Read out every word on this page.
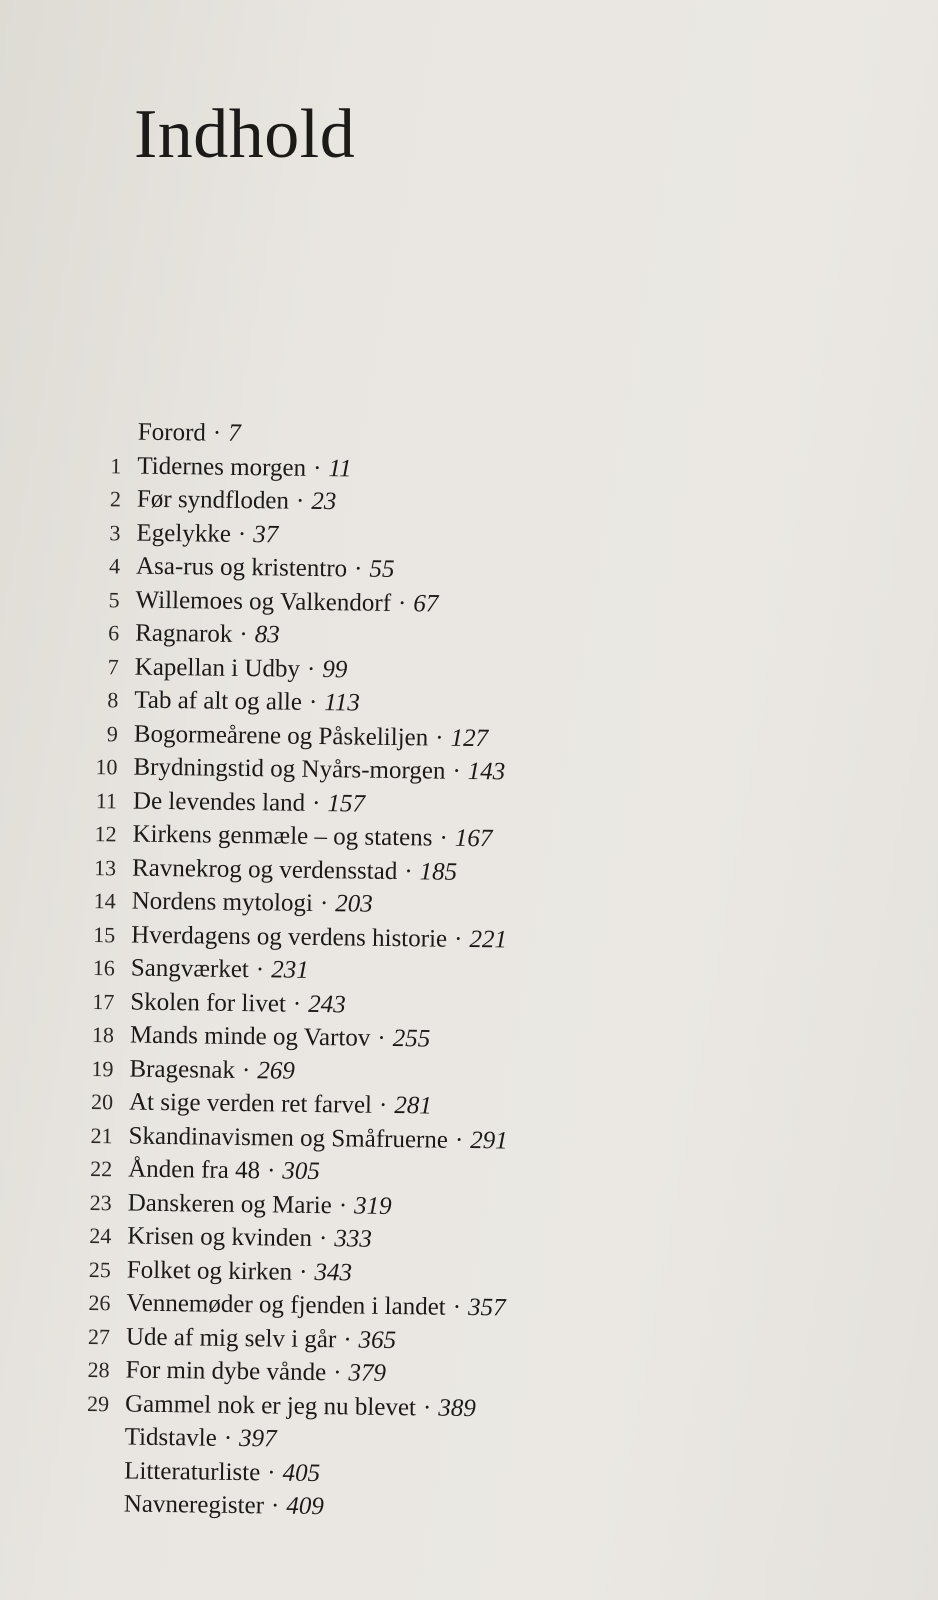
Indhold
Forord · 7
1 Tidernes morgen · 11
2 Før syndfloden · 23
3 Egelykke · 37
4 Asa-rus og kristentro · 55
5 Willemoes og Valkendorf · 67
6 Ragnarok · 83
7 Kapellan i Udby · 99
8 Tab af alt og alle · 113
9 Bogormeårene og Påskeliljen · 127
10 Brydningstid og Nyårs-morgen · 143
11 De levendes land · 157
12 Kirkens genmæle – og statens · 167
13 Ravnekrog og verdensstad · 185
14 Nordens mytologi · 203
15 Hverdagens og verdens historie · 221
16 Sangværket · 231
17 Skolen for livet · 243
18 Mands minde og Vartov · 255
19 Bragesnak · 269
20 At sige verden ret farvel · 281
21 Skandinavismen og Småfruerne · 291
22 Ånden fra 48 · 305
23 Danskeren og Marie · 319
24 Krisen og kvinden · 333
25 Folket og kirken · 343
26 Vennemøder og fjenden i landet · 357
27 Ude af mig selv i går · 365
28 For min dybe vånde · 379
29 Gammel nok er jeg nu blevet · 389
Tidstavle · 397
Litteraturliste · 405
Navneregister · 409
